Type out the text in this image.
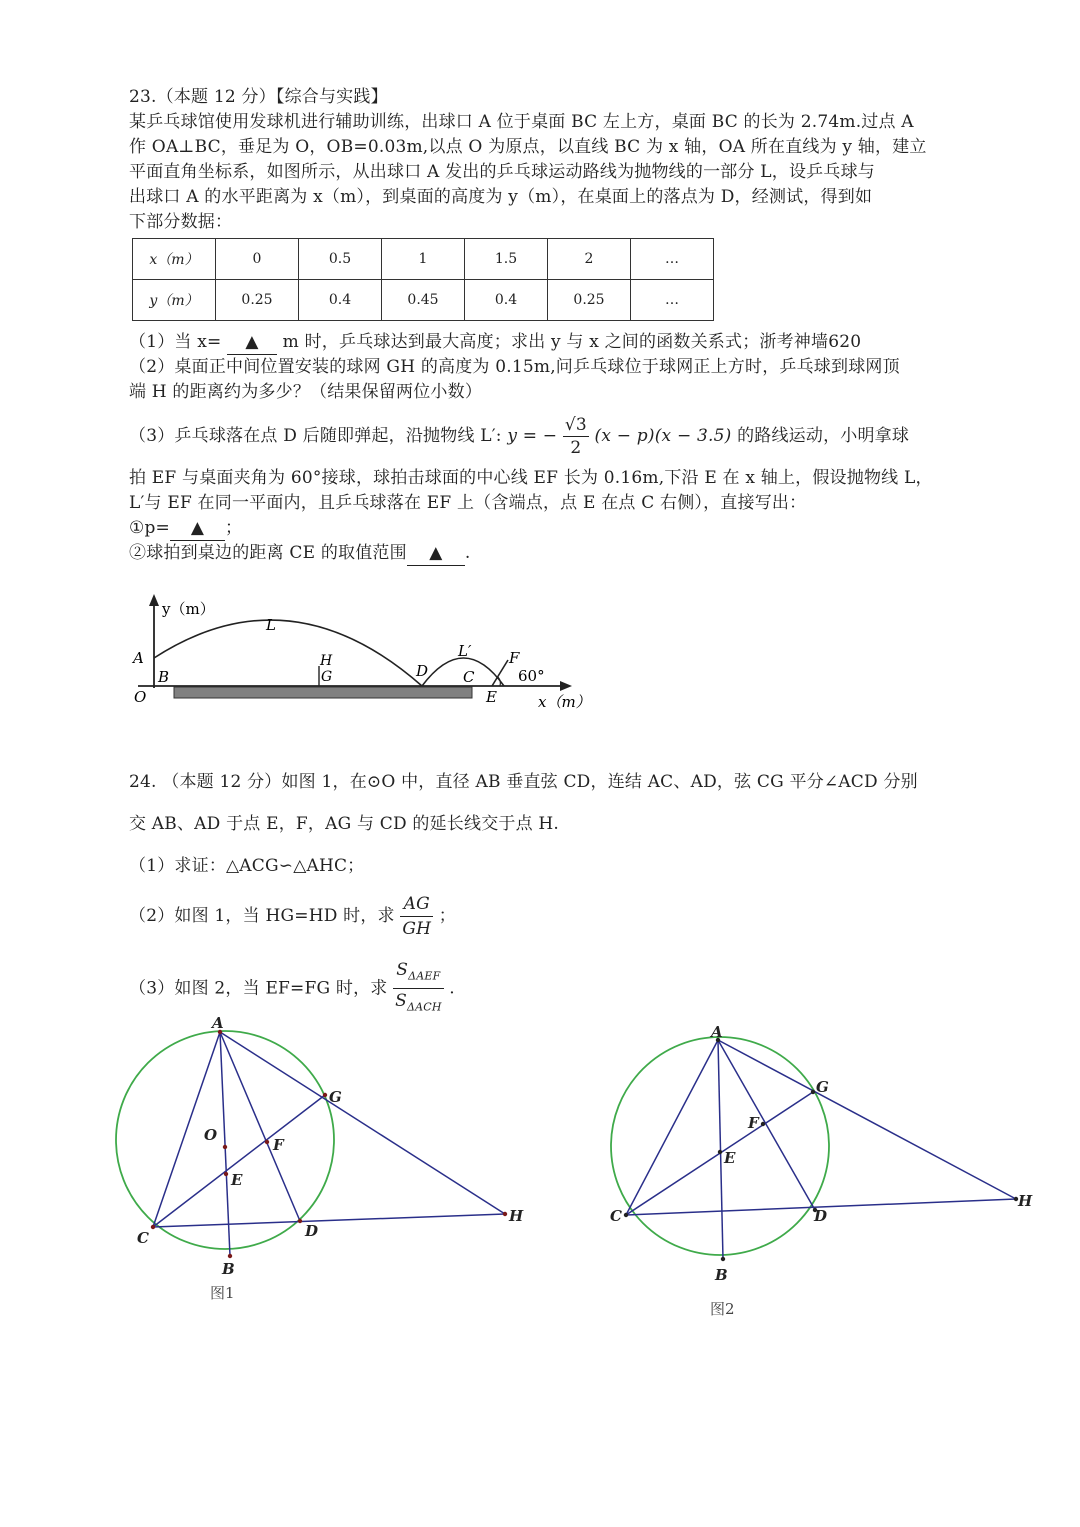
23.（本题 12 分）【综合与实践】
某乒乓球馆使用发球机进行辅助训练，出球口 A 位于桌面 BC 左上方，桌面 BC 的长为 2.74m.过点 A
作 OA⊥BC，垂足为 O，OB=0.03m,以点 O 为原点，以直线 BC 为 x 轴，OA 所在直线为 y 轴，建立
平面直角坐标系，如图所示，从出球口 A 发出的乒乓球运动路线为抛物线的一部分 L，设乒乓球与
出球口 A 的水平距离为 x（m），到桌面的高度为 y（m），在桌面上的落点为 D，经测试，得到如
下部分数据：
x（m）	0	0.5	1	1.5	2	…
y（m）	0.25	0.4	0.45	0.4	0.25	…
（1）当 x= ▲ m 时，乒乓球达到最大高度；求出 y 与 x 之间的函数关系式；浙考神墙620
（2）桌面正中间位置安装的球网 GH 的高度为 0.15m,问乒乓球位于球网正上方时，乒乓球到球网顶
端 H 的距离约为多少？（结果保留两位小数）
（3）乒乓球落在点 D 后随即弹起，沿抛物线 L′: y = − $\frac{√3}{2} (x - p)(x - 3.5)$ 的路线运动，小明拿球
拍 EF 与桌面夹角为 60°接球，球拍击球面的中心线 EF 长为 0.16m,下沿 E 在 x 轴上，假设抛物线 L，
L′与 EF 在同一平面内，且乒乓球落在 EF 上（含端点，点 E 在点 C 右侧），直接写出：
①p= ▲ ；
②球拍到桌边的距离 CE 的取值范围 ▲ .
y（m）
x（m）
A
B
O
L
H
G	D
L′	F
C
E
60°
24. （本题 12 分）如图 1，在⊙O 中，直径 AB 垂直弦 CD，连结 AC、AD，弦 CG 平分∠ACD 分别
交 AB、AD 于点 E，F，AG 与 CD 的延长线交于点 H.
（1）求证：△ACG∽△AHC；
（2）如图 1，当 HG=HD 时，求 $\frac{AG}{GH}$ ；
（3）如图 2，当 EF=FG 时，求 $\frac{S_{\Delta AEF}}{S_{\Delta ACH}}$ .
A
G
O
F
E
C	D
B
H
图1
A
G
F
E
C	D
B
H
图2
